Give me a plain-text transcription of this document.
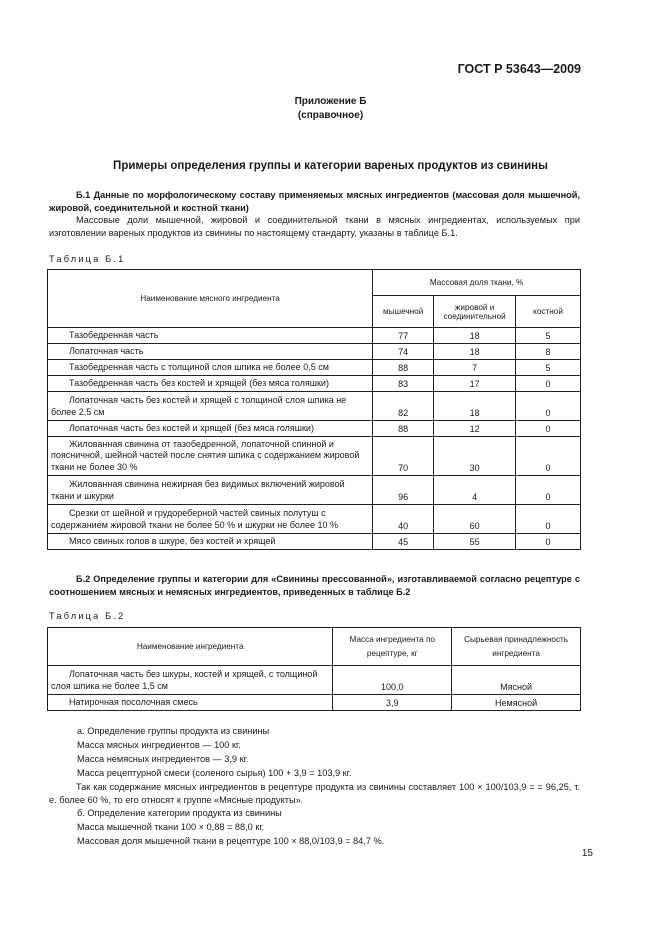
ГОСТ Р 53643—2009
Приложение Б
(справочное)
Примеры определения группы и категории вареных продуктов из свинины
Б.1 Данные по морфологическому составу применяемых мясных ингредиентов (массовая доля мышечной, жировой, соединительной и костной ткани)
Массовые доли мышечной, жировой и соединительной ткани в мясных ингредиентах, используемых при изготовлении вареных продуктов из свинины по настоящему стандарту, указаны в таблице Б.1.
Таблица Б.1
Наименование мясного ингредиента	Массовая доля ткани, %		
	мышечной	жировой и соединительной	костной
Тазобедренная часть	77	18	5
Лопаточная часть	74	18	8
Тазобедренная часть с толщиной слоя шпика не более 0,5 см	88	7	5
Тазобедренная часть без костей и хрящей (без мяса голяшки)	83	17	0
Лопаточная часть без костей и хрящей с толщиной слоя шпика не более 2,5 см	82	18	0
Лопаточная часть без костей и хрящей (без мяса голяшки)	88	12	0
Жилованная свинина от тазобедренной, лопаточной спинной и поясничной, шейной частей после снятия шпика с содержанием жировой ткани не более 30 %	70	30	0
Жилованная свинина нежирная без видимых включений жировой ткани и шкурки	96	4	0
Срезки от шейной и грудореберной частей свиных полутуш с содержанием жировой ткани не более 50 % и шкурки не более 10 %	40	60	0
Мясо свиных голов в шкуре, без костей и хрящей	45	55	0
Б.2 Определение группы и категории для «Свинины прессованной», изготавливаемой согласно рецептуре с соотношением мясных и немясных ингредиентов, приведенных в таблице Б.2
Таблица Б.2
Наименование ингредиента	Масса ингредиента по рецептуре, кг	Сырьевая принадлежность ингредиента
Лопаточная часть без шкуры, костей и хрящей, с толщиной слоя шпика не более 1,5 см	100,0	Мясной
Натирочная посолочная смесь	3,9	Немясной
а. Определение группы продукта из свинины
Масса мясных ингредиентов — 100 кг.
Масса немясных ингредиентов — 3,9 кг.
Масса рецептурной смеси (соленого сырья) 100 + 3,9 = 103,9 кг.
Так как содержание мясных ингредиентов в рецептуре продукта из свинины составляет 100 × 100/103,9 = = 96,25, т. е. более 60 %, то его относят к группе «Мясные продукты».
б. Определение категории продукта из свинины
Масса мышечной ткани 100 × 0,88 = 88,0 кг.
Массовая доля мышечной ткани в рецептуре 100 × 88,0/103,9 = 84,7 %.
15
